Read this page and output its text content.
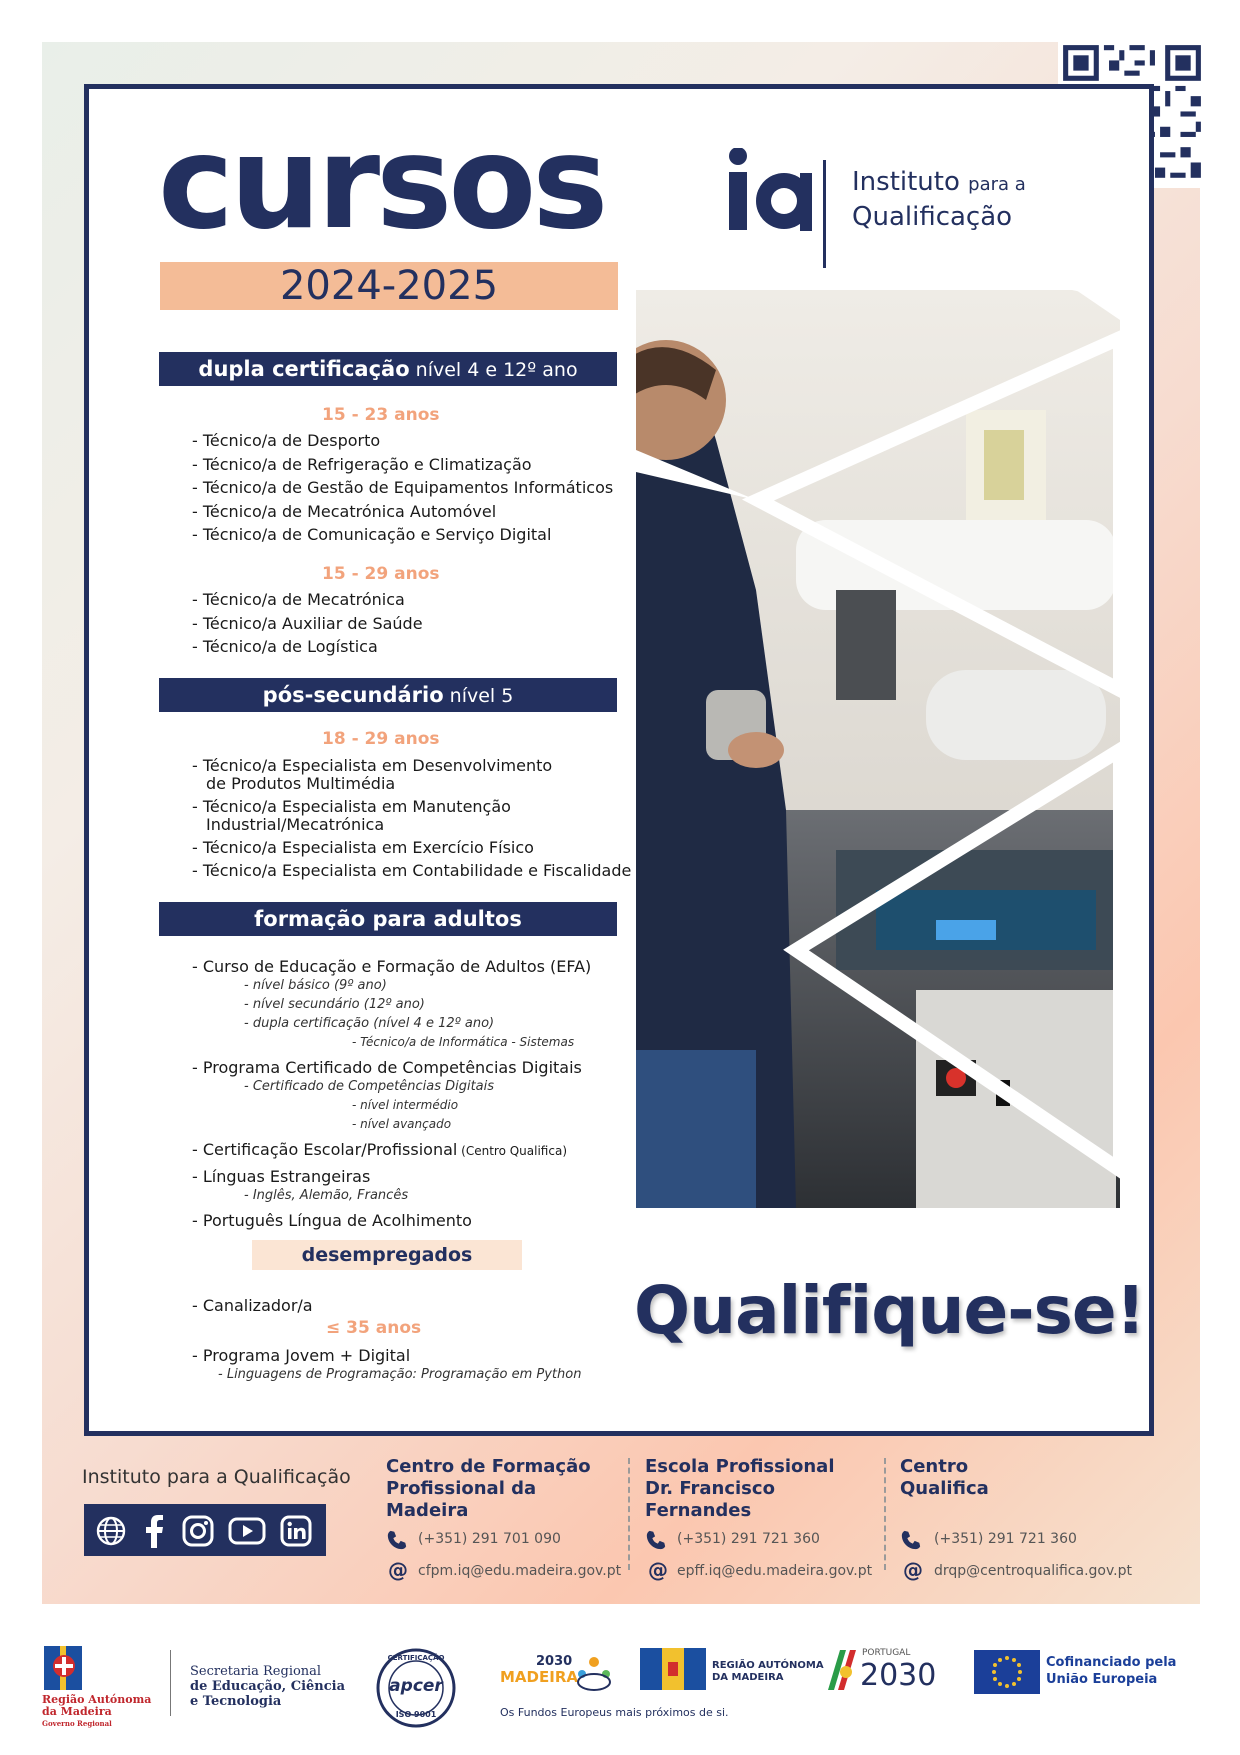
cursos
2024-2025
Instituto para a
Qualificação
dupla certificação nível 4 e 12º ano
15 - 23 anos
- Técnico/a de Desporto
- Técnico/a de Refrigeração e Climatização
- Técnico/a de Gestão de Equipamentos Informáticos
- Técnico/a de Mecatrónica Automóvel
- Técnico/a de Comunicação e Serviço Digital
15 - 29 anos
- Técnico/a de Mecatrónica
- Técnico/a Auxiliar de Saúde
- Técnico/a de Logística
pós-secundário nível 5
18 - 29 anos
- Técnico/a Especialista em Desenvolvimento
de Produtos Multimédia
- Técnico/a Especialista em Manutenção
Industrial/Mecatrónica
- Técnico/a Especialista em Exercício Físico
- Técnico/a Especialista em Contabilidade e Fiscalidade
formação para adultos
- Curso de Educação e Formação de Adultos (EFA)
- nível básico (9º ano)
- nível secundário (12º ano)
- dupla certificação (nível 4 e 12º ano)
- Técnico/a de Informática - Sistemas
- Programa Certificado de Competências Digitais
- Certificado de Competências Digitais
- nível intermédio
- nível avançado
- Certificação Escolar/Profissional (Centro Qualifica)
- Línguas Estrangeiras
- Inglês, Alemão, Francês
- Português Língua de Acolhimento
desempregados
- Canalizador/a
≤ 35 anos
- Programa Jovem + Digital
- Linguagens de Programação: Programação em Python
Qualifique-se!
Instituto para a Qualificação Centro de Formação
Profissional da Madeira
Escola Profissional
Dr. Francisco Fernandes
Centro
Qualifica
(+351) 291 701 090
@ cfpm.iq@edu.madeira.gov.pt
(+351) 291 721 360
@ epff.iq@edu.madeira.gov.pt
(+351) 291 721 360
@ drqp@centroqualifica.gov.pt
Região Autónoma
da Madeira
Governo Regional
Secretaria Regional
de Educação, Ciência
e Tecnologia
CERTIFICAÇÃO
apcer
ISO 9001
2030
MADEIRA
Os Fundos Europeus mais próximos de si.
REGIÃO AUTÓNOMA
DA MADEIRA
PORTUGAL
2030	Cofinanciado pela
União Europeia
